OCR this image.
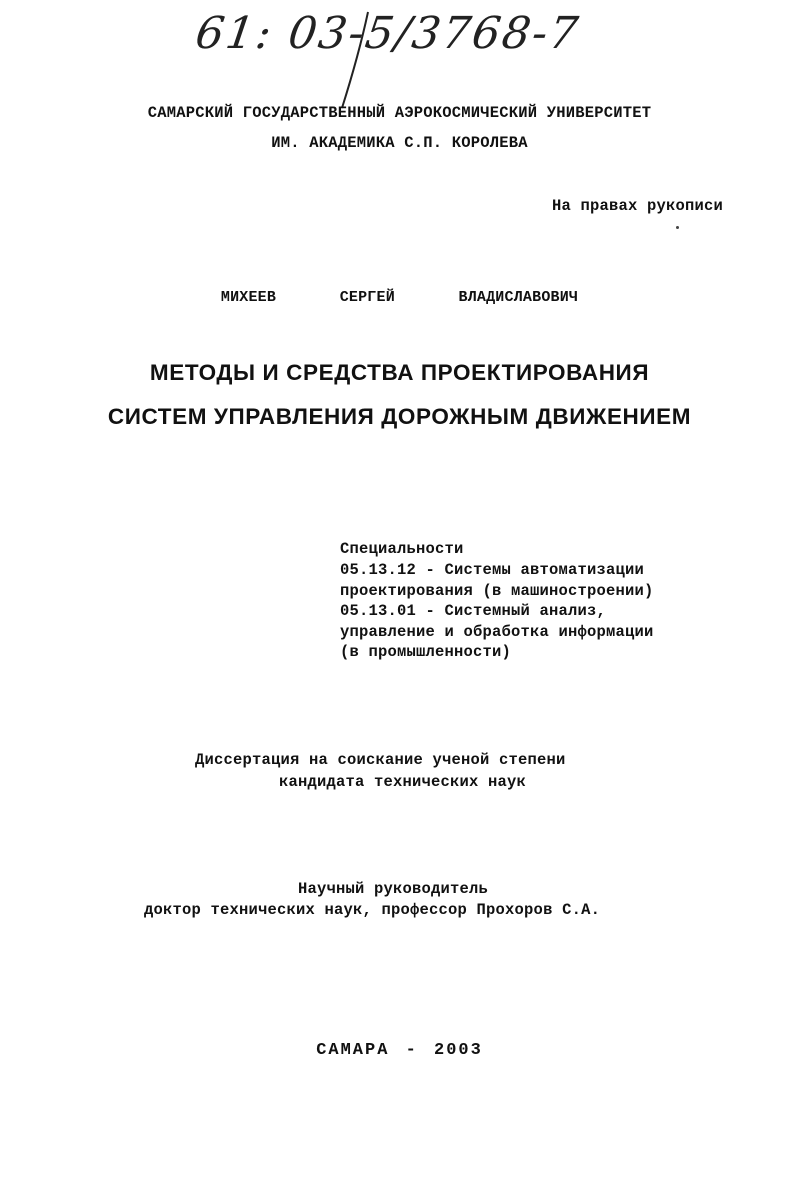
61: 03-5/3768-7
САМАРСКИЙ ГОСУДАРСТВЕННЫЙ АЭРОКОСМИЧЕСКИЙ УНИВЕРСИТЕТ
ИМ. АКАДЕМИКА С.П. КОРОЛЕВА
На правах рукописи
МИХЕЕВ   СЕРГЕЙ   ВЛАДИСЛАВОВИЧ
МЕТОДЫ И СРЕДСТВА ПРОЕКТИРОВАНИЯ
СИСТЕМ УПРАВЛЕНИЯ ДОРОЖНЫМ ДВИЖЕНИЕМ
Специальности
05.13.12 - Системы автоматизации
проектирования (в машиностроении)
05.13.01 - Системный анализ,
управление и обработка информации
(в промышленности)
Диссертация на соискание ученой степени
кандидата технических наук
Научный руководитель
доктор технических наук, профессор Прохоров С.А.
САМАРА - 2003
